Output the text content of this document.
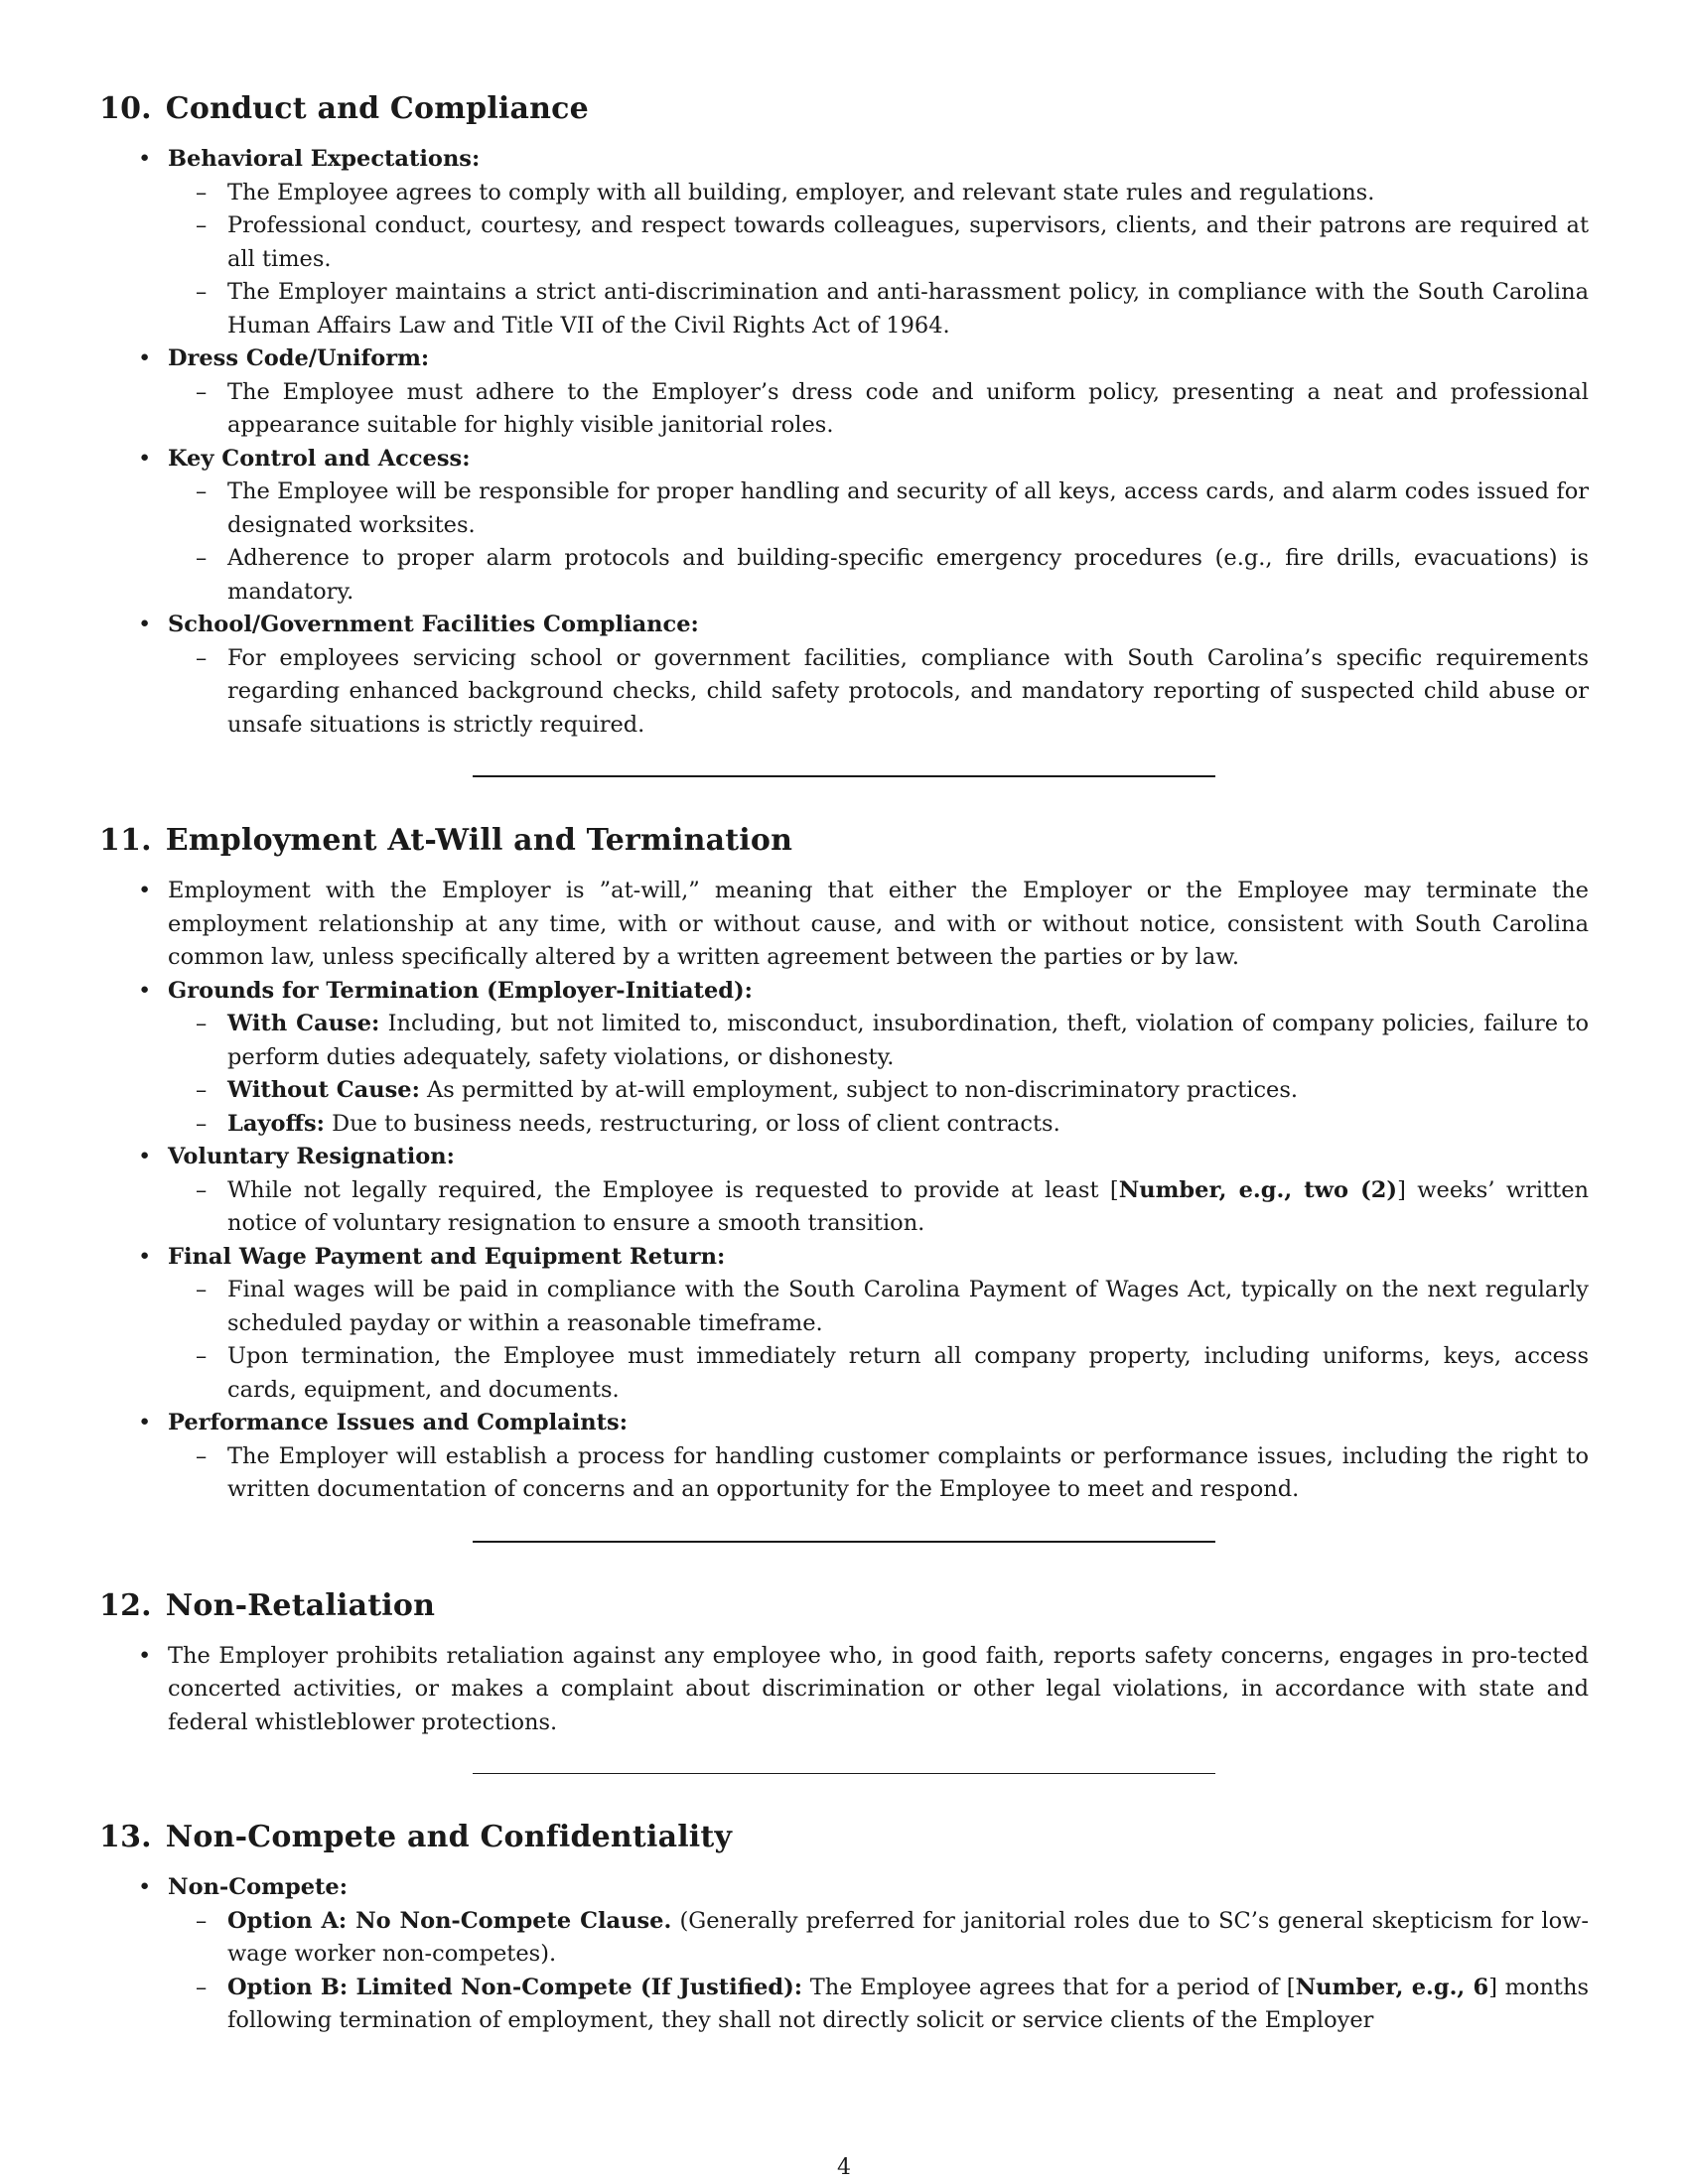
10. Conduct and Compliance
• Behavioral Expectations:
– The Employee agrees to comply with all building, employer, and relevant state rules and regulations.
– Professional conduct, courtesy, and respect towards colleagues, supervisors, clients, and their patrons are required at all times.
– The Employer maintains a strict anti-discrimination and anti-harassment policy, in compliance with the South Carolina Human Affairs Law and Title VII of the Civil Rights Act of 1964.
• Dress Code/Uniform:
– The Employee must adhere to the Employer’s dress code and uniform policy, presenting a neat and professional appearance suitable for highly visible janitorial roles.
• Key Control and Access:
– The Employee will be responsible for proper handling and security of all keys, access cards, and alarm codes issued for designated worksites.
– Adherence to proper alarm protocols and building-specific emergency procedures (e.g., fire drills, evacuations) is mandatory.
• School/Government Facilities Compliance:
– For employees servicing school or government facilities, compliance with South Carolina’s specific requirements regarding enhanced background checks, child safety protocols, and mandatory reporting of suspected child abuse or unsafe situations is strictly required.
11. Employment At-Will and Termination
• Employment with the Employer is ”at-will,” meaning that either the Employer or the Employee may terminate the employment relationship at any time, with or without cause, and with or without notice, consistent with South Carolina common law, unless specifically altered by a written agreement between the parties or by law.
• Grounds for Termination (Employer-Initiated):
– With Cause: Including, but not limited to, misconduct, insubordination, theft, violation of company policies, failure to perform duties adequately, safety violations, or dishonesty.
– Without Cause: As permitted by at-will employment, subject to non-discriminatory practices.
– Layoffs: Due to business needs, restructuring, or loss of client contracts.
• Voluntary Resignation:
– While not legally required, the Employee is requested to provide at least [Number, e.g., two (2)] weeks’ written notice of voluntary resignation to ensure a smooth transition.
• Final Wage Payment and Equipment Return:
– Final wages will be paid in compliance with the South Carolina Payment of Wages Act, typically on the next regularly scheduled payday or within a reasonable timeframe.
– Upon termination, the Employee must immediately return all company property, including uniforms, keys, access cards, equipment, and documents.
• Performance Issues and Complaints:
– The Employer will establish a process for handling customer complaints or performance issues, including the right to written documentation of concerns and an opportunity for the Employee to meet and respond.
12. Non-Retaliation
• The Employer prohibits retaliation against any employee who, in good faith, reports safety concerns, engages in pro-tected concerted activities, or makes a complaint about discrimination or other legal violations, in accordance with state and federal whistleblower protections.
13. Non-Compete and Confidentiality
• Non-Compete:
– Option A: No Non-Compete Clause. (Generally preferred for janitorial roles due to SC’s general skepticism for low-wage worker non-competes).
– Option B: Limited Non-Compete (If Justified): The Employee agrees that for a period of [Number, e.g., 6] months following termination of employment, they shall not directly solicit or service clients of the Employer
4
